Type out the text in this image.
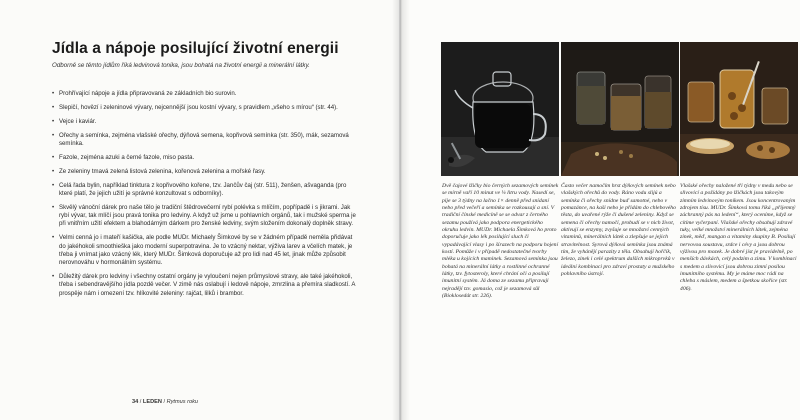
Jídla a nápoje posilující životní energii

Odborně se těmto jídlům říká ledvinová tonika, jsou bohatá na životní energii a minerální látky.

• Prohřívající nápoje a jídla připravovaná ze základních bio surovin.
• Slepičí, hovězí i zeleninové vývary, nejcennější jsou kostní vývary, s pravidlem „všeho s mírou“ (str. 44).
• Vejce i kaviár.
• Ořechy a semínka, zejména vlašské ořechy, dýňová semena, kopřivová semínka (str. 350), mák, sezamová semínka.
• Fazole, zejména azuki a černé fazole, miso pasta.
• Ze zeleniny tmavá zelená listová zelenina, kořenová zelenina a mořské řasy.
• Celá řada bylin, například tinktura z kopřivového kořene, tzv. Jančův čaj (str. 511), ženšen, ašvaganda (pro které platí, že jejich užití je správné konzultovat s odborníky).
• Skvělý vánoční dárek pro naše tělo je tradiční štědrovečerní rybí polévka s mlíčím, popřípadě i s jikrami. Jak rybí vývar, tak mlíčí jsou pravá tonika pro ledviny. A když už jsme u pohlavních orgánů, tak i mužské sperma je při vnitřním užití efektem a blahodárným dárkem pro ženské ledviny, svým složením dokonalý doplněk stravy.
• Velmi cenná jo i mateří kašička, ale podle MUDr. Michaely Šimkové by se v žádném případě neměla přidávat do jakéhokoli smoothieška jako moderní superpotravina. Je to vzácný nektar, výživa larev a včelích matek, je třeba ji vnímat jako vzácný lék, který MUDr. Šimková doporučuje až pro lidi nad 45 let, jinak může způsobit nerovnováhu v hormonálním systému.
• Důležitý dárek pro ledviny i všechny ostatní orgány je vyloučení nejen průmyslové stravy, ale také jakéhokoli, třeba i sebendravějšího jídla pozdě večer. V zimě nás oslabují i ledově nápoje, zmrzlina a přemíra sladkostí. A prospěje nám i omezení tzv. hlíkovité zeleniny: rajčat, lilků i brambor.
34 / LEDEN / Rytmus roku

Dvě čajové lžičky bio černých sezamových semínek se mírně vaří 10 minut ve ¼ litru vody. Nasedí se, pije se 3 týdny na lačno 1× denně před snídaní nebo před večeří a semínka se rozkousají a sní. V tradiční čínské medicíně se se odvar z černého sezamu používá jako podpora energetického okruhu ledvin. MUDr. Michaela Šimková ho proto doporučuje jako lék posilující sluch či vypadávající vlasy i po šírazech na podporu hojení kostí. Pomůže i v případě nedostatečné tvorby mléka u kojících maminek. Sezamová semínka jsou bohatá na minerální látky a rostlinné ochranné látky, tzv. fytosteroly, které chrání oči a posilují imunitní systém. Já doma ze sezamu připravuji nejradějí tzv. gomasio, což je sezamová sůl (Bioklosedát str. 226).

Často večer namočím hrst dýňových semínek nebo vlašských ořechů do vody. Ráno vodu slijú a semínka či ořechy snídne buď samotné, nebo v pomazánce, na kaši nebo je přidám do chlebového těsta, do uvařené rýže či dušené zeleniny. Když se semena či ořechy namočí, probudí se v nich život, aktivují se enzymy, zvyšuje se množství cenných vitaminů, minerálních látek a zlepšuje se jejich stravitelnost. Syrová dýňová semínka jsou známá tím, že vyhánějí parazity z těla. Obsahují hořčík, železo, zinek i celé spektrum dalších mikroprvků v ideální kombinaci pro zdraví prostaty a mužského pohlavního ústrojí.

Vlašské ořechy naložené tři týdny v medu nebo se slivovicí a požídány po lžičkách jsou takovým zimním ledvinovým toníkem. Jsou koncentrovaným zdrojem tísu. MUDr. Šimková tomu říká „přijemný záchranný pás na ledení“, který oceníme, když se cítíme vyčerpaní. Vlašské ořechy obsahují zdravé tuky, velké množství minerálních látek, zejména zinek, měď, mangan a vitaminy skupiny B. Posilují nervovou soustavu, srdce i cévy a jsou dobrou výživou pro mozek. Je dobré jíst je pravidelně, po menších dávkách, celý podzim a zimu. V kombinaci s medem a slivovicí jsou dobrou zimní posilou imunitního systému. My je máme moc rádi na chleba s máslem, medem a špetkou skořice (str. 406).
